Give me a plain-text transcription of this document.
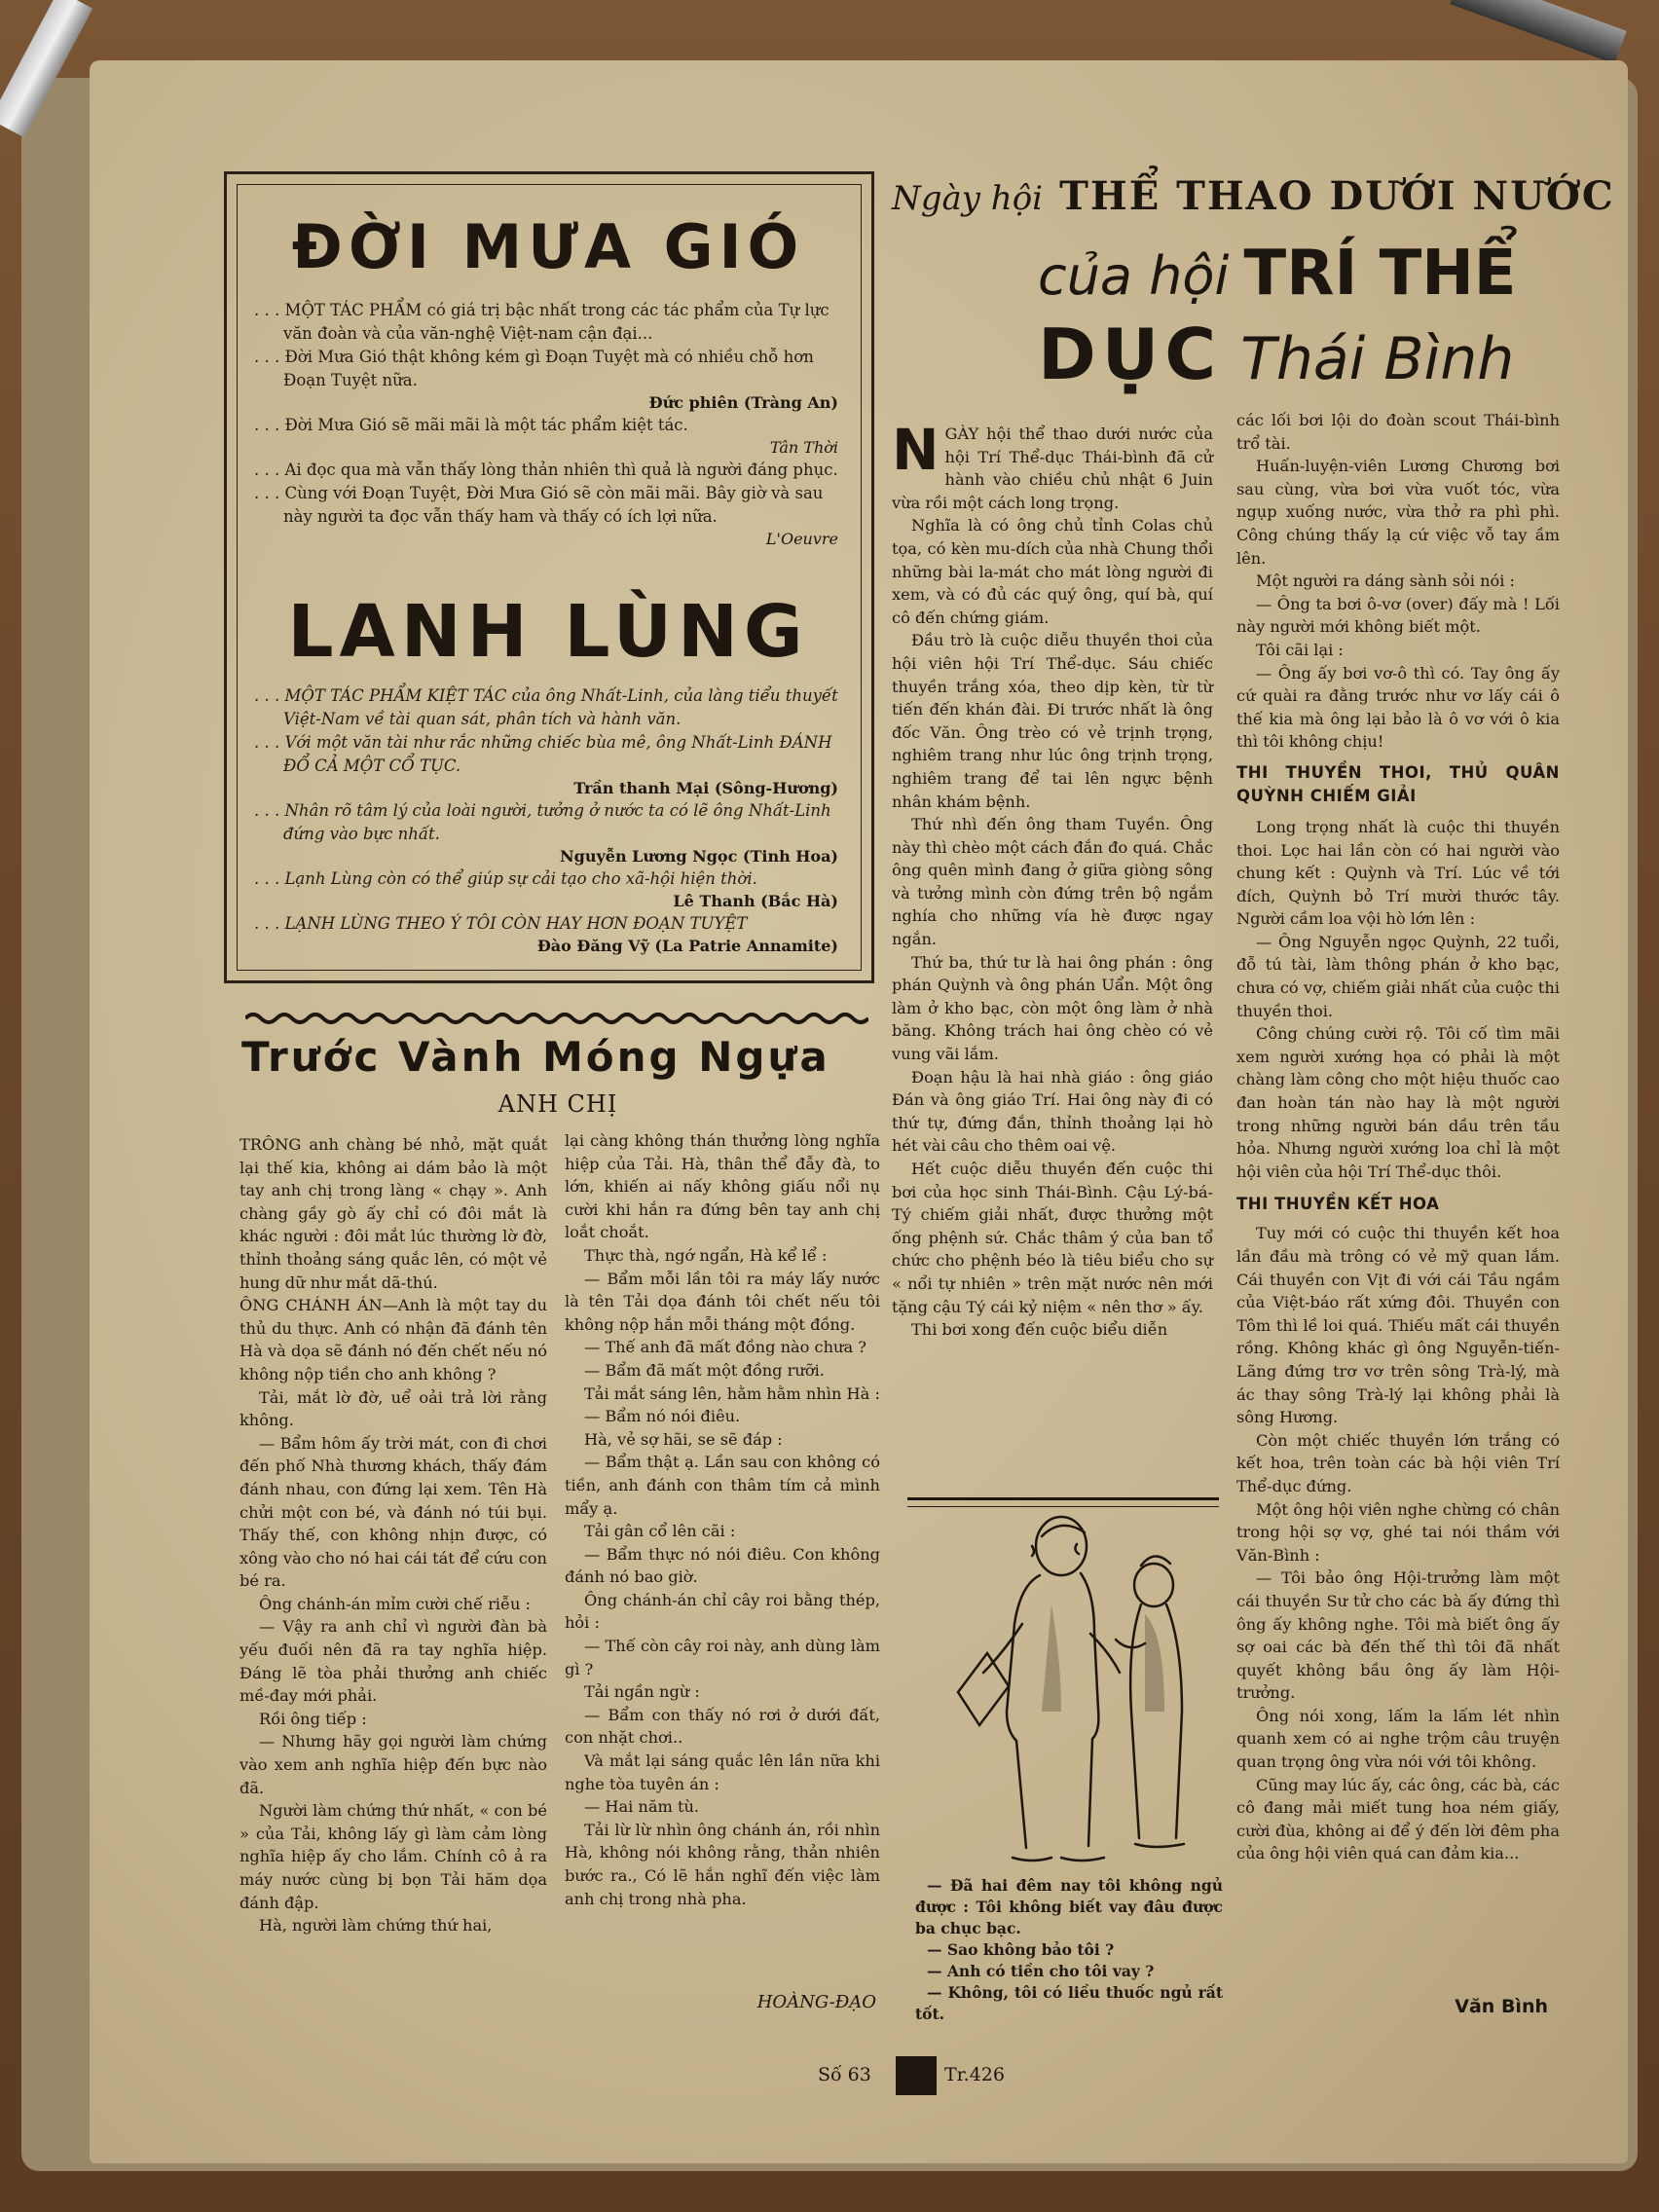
ĐỜI MƯA GIÓ
. . . MỘT TÁC PHẨM có giá trị bậc nhất trong các tác phẩm của Tự lực văn đoàn và của văn-nghệ Việt-nam cận đại...
. . . Đời Mưa Gió thật không kém gì Đoạn Tuyệt mà có nhiều chỗ hơn Đoạn Tuyệt nữa.
Đức phiên (Tràng An)
. . . Đời Mưa Gió sẽ mãi mãi là một tác phẩm kiệt tác.
Tân Thời
. . . Ai đọc qua mà vẫn thấy lòng thản nhiên thì quả là người đáng phục.
. . . Cùng với Đoạn Tuyệt, Đời Mưa Gió sẽ còn mãi mãi. Bây giờ và sau này người ta đọc vẫn thấy ham và thấy có ích lợi nữa.
L'Oeuvre
LANH LÙNG
. . . MỘT TÁC PHẨM KIỆT TÁC của ông Nhất-Linh, của làng tiểu thuyết Việt-Nam về tài quan sát, phân tích và hành văn.
. . . Với một văn tài như rắc những chiếc bùa mê, ông Nhất-Linh ĐÁNH ĐỔ CẢ MỘT CỔ TỤC.
Trần thanh Mại (Sông-Hương)
. . . Nhân rõ tâm lý của loài người, tưởng ở nước ta có lẽ ông Nhất-Linh đứng vào bực nhất.
Nguyễn Lương Ngọc (Tinh Hoa)
. . . Lạnh Lùng còn có thể giúp sự cải tạo cho xã-hội hiện thời.
Lê Thanh (Bắc Hà)
. . . LẠNH LÙNG THEO Ý TÔI CÒN HAY HƠN ĐOẠN TUYỆT
Đào Đăng Vỹ (La Patrie Annamite)
Trước Vành Móng Ngựa
ANH CHỊ

TRÔNG anh chàng bé nhỏ, mặt quắt lại thế kia, không ai dám bảo là một tay anh chị trong làng « chạy ». Anh chàng gầy gò ấy chỉ có đôi mắt là khác người : đôi mắt lúc thường lờ đờ, thỉnh thoảng sáng quắc lên, có một vẻ hung dữ như mắt dã-thú.

ÔNG CHÁNH ÁN—Anh là một tay du thủ du thực. Anh có nhận đã đánh tên Hà và dọa sẽ đánh nó đến chết nếu nó không nộp tiền cho anh không ?

Tải, mắt lờ đờ, uể oải trả lời rằng không.

— Bẩm hôm ấy trời mát, con đi chơi đến phố Nhà thương khách, thấy đám đánh nhau, con đứng lại xem. Tên Hà chửi một con bé, và đánh nó túi bụi. Thấy thế, con không nhịn được, có xông vào cho nó hai cái tát để cứu con bé ra.

Ông chánh-án mỉm cười chế riễu :

— Vậy ra anh chỉ vì người đàn bà yếu đuối nên đã ra tay nghĩa hiệp. Đáng lẽ tòa phải thưởng anh chiếc mề-đay mới phải.

Rồi ông tiếp :

— Nhưng hãy gọi người làm chứng vào xem anh nghĩa hiệp đến bực nào đã.

Người làm chứng thứ nhất, « con bé » của Tải, không lấy gì làm cảm lòng nghĩa hiệp ấy cho lắm. Chính cô ả ra máy nước cùng bị bọn Tải hăm dọa đánh đập.

Hà, người làm chứng thứ hai,

lại càng không thán thưởng lòng nghĩa hiệp của Tải. Hà, thân thể đẫy đà, to lớn, khiến ai nấy không giấu nổi nụ cười khi hắn ra đứng bên tay anh chị loắt choắt.

Thực thà, ngớ ngẩn, Hà kể lể :

— Bẩm mỗi lần tôi ra máy lấy nước là tên Tải dọa đánh tôi chết nếu tôi không nộp hắn mỗi tháng một đồng.

— Thế anh đã mất đồng nào chưa ?

— Bẩm đã mất một đồng rưỡi.

Tải mắt sáng lên, hằm hằm nhìn Hà :

— Bẩm nó nói điêu.

Hà, vẻ sợ hãi, se sẽ đáp :

— Bẩm thật ạ. Lần sau con không có tiền, anh đánh con thâm tím cả mình mẩy ạ.

Tải gân cổ lên cãi :

— Bẩm thực nó nói điêu. Con không đánh nó bao giờ.

Ông chánh-án chỉ cây roi bằng thép, hỏi :

— Thế còn cây roi này, anh dùng làm gì ?

Tải ngần ngừ :

— Bẩm con thấy nó rơi ở dưới đất, con nhặt chơi..

Và mắt lại sáng quắc lên lần nữa khi nghe tòa tuyên án :

— Hai năm tù.

Tải lừ lừ nhìn ông chánh án, rồi nhìn Hà, không nói không rằng, thản nhiên bước ra., Có lẽ hắn nghĩ đến việc làm anh chị trong nhà pha.

HOÀNG-ĐẠO
Ngày hội THỂ THAO DƯỚI NƯỚC
của hội TRÍ THỂ
DỤC Thái Bình

NGÀY hội thể thao dưới nước của hội Trí Thể-dục Thái-bình đã cử hành vào chiều chủ nhật 6 Juin vừa rồi một cách long trọng.

Nghĩa là có ông chủ tỉnh Colas chủ tọa, có kèn mu-dích của nhà Chung thổi những bài la-mát cho mát lòng người đi xem, và có đủ các quý ông, quí bà, quí cô đến chứng giám.

Đầu trò là cuộc diễu thuyền thoi của hội viên hội Trí Thể-dục. Sáu chiếc thuyền trắng xóa, theo dịp kèn, từ từ tiến đến khán đài. Đi trước nhất là ông đốc Văn. Ông trèo có vẻ trịnh trọng, nghiêm trang như lúc ông trịnh trọng, nghiêm trang để tai lên ngực bệnh nhân khám bệnh.

Thứ nhì đến ông tham Tuyền. Ông này thì chèo một cách đắn đo quá. Chắc ông quên mình đang ở giữa giòng sông và tưởng mình còn đứng trên bộ ngắm nghía cho những vía hè được ngay ngắn.

Thứ ba, thứ tư là hai ông phán : ông phán Quỳnh và ông phán Uẩn. Một ông làm ở kho bạc, còn một ông làm ở nhà băng. Không trách hai ông chèo có vẻ vung vãi lắm.

Đoạn hậu là hai nhà giáo : ông giáo Đán và ông giáo Trí. Hai ông này đi có thứ tự, đứng đắn, thỉnh thoảng lại hò hét vài câu cho thêm oai vệ.

Hết cuộc diễu thuyền đến cuộc thi bơi của học sinh Thái-Bình. Cậu Lý-bá-Tý chiếm giải nhất, được thưởng một ống phệnh sứ. Chắc thâm ý của ban tổ chức cho phệnh béo là tiêu biểu cho sự « nổi tự nhiên » trên mặt nước nên mới tặng cậu Tý cái kỷ niệm « nên thơ » ấy.

Thi bơi xong đến cuộc biểu diễn

— Đã hai đêm nay tôi không ngủ được : Tôi không biết vay đâu được ba chục bạc.

— Sao không bảo tôi ?

— Anh có tiền cho tôi vay ?

— Không, tôi có liều thuốc ngủ rất tốt.

các lối bơi lội do đoàn scout Thái-bình trổ tài.

Huấn-luyện-viên Lương Chương bơi sau cùng, vừa bơi vừa vuốt tóc, vừa ngụp xuống nước, vừa thở ra phì phì. Công chúng thấy lạ cứ việc vỗ tay ầm lên.

Một người ra dáng sành sỏi nói :

— Ông ta bơi ô-vơ (over) đấy mà ! Lối này người mới không biết một.

Tôi cãi lại :

— Ông ấy bơi vơ-ô thì có. Tay ông ấy cứ quài ra đằng trước như vơ lấy cái ô thế kia mà ông lại bảo là ô vơ với ô kia thì tôi không chịu!

THI THUYỀN THOI, THỦ QUÂN QUỲNH CHIẾM GIẢI

Long trọng nhất là cuộc thi thuyền thoi. Lọc hai lần còn có hai người vào chung kết : Quỳnh và Trí. Lúc về tới đích, Quỳnh bỏ Trí mười thước tây. Người cầm loa vội hò lớn lên :

— Ông Nguyễn ngọc Quỳnh, 22 tuổi, đỗ tú tài, làm thông phán ở kho bạc, chưa có vợ, chiếm giải nhất của cuộc thi thuyền thoi.

Công chúng cười rộ. Tôi cố tìm mãi xem người xướng họa có phải là một chàng làm công cho một hiệu thuốc cao đan hoàn tán nào hay là một người trong những người bán dầu trên tầu hỏa. Nhưng người xướng loa chỉ là một hội viên của hội Trí Thể-dục thôi.

THI THUYỀN KẾT HOA

Tuy mới có cuộc thi thuyền kết hoa lần đầu mà trông có vẻ mỹ quan lắm. Cái thuyền con Vịt đi với cái Tầu ngầm của Việt-báo rất xứng đôi. Thuyền con Tôm thì lề loi quá. Thiếu mất cái thuyền rồng. Không khác gì ông Nguyễn-tiến-Lãng đứng trơ vơ trên sông Trà-lý, mà ác thay sông Trà-lý lại không phải là sông Hương.

Còn một chiếc thuyền lớn trắng có kết hoa, trên toàn các bà hội viên Trí Thể-dục đứng.

Một ông hội viên nghe chừng có chân trong hội sợ vợ, ghé tai nói thầm với Văn-Bình :

— Tôi bảo ông Hội-trưởng làm một cái thuyền Sư tử cho các bà ấy đứng thì ông ấy không nghe. Tôi mà biết ông ấy sợ oai các bà đến thế thì tôi đã nhất quyết không bầu ông ấy làm Hội-trưởng.

Ông nói xong, lấm la lấm lét nhìn quanh xem có ai nghe trộm câu truyện quan trọng ông vừa nói với tôi không.

Cũng may lúc ấy, các ông, các bà, các cô đang mải miết tung hoa ném giấy, cười đùa, không ai để ý đến lời đêm pha của ông hội viên quá can đảm kia...

Văn Bình
Số 63	Tr.426
